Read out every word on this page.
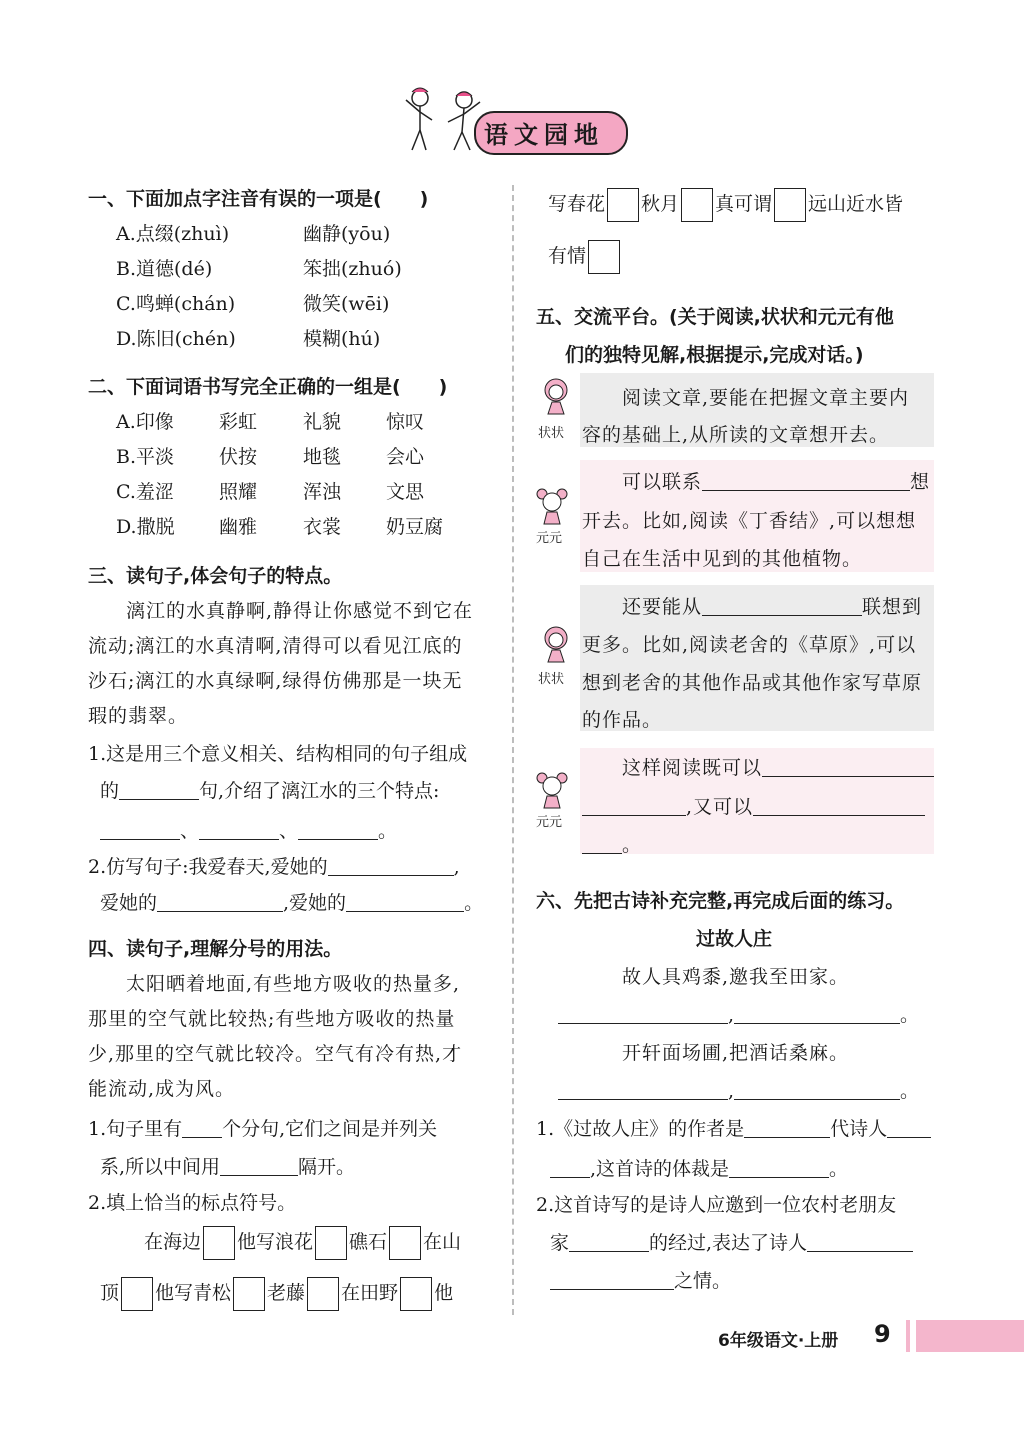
语文园地
一、下面加点字注音有误的一项是(　　)
A.点缀(zhuì)	幽静(yōu)
B.道德(dé)	笨拙(zhuó)
C.鸣蝉(chán)	微笑(wēi)
D.陈旧(chén)	模糊(hú)
二、下面词语书写完全正确的一组是(　　)
A.印像 彩虹 礼貌 惊叹
B.平淡 伏按 地毯 会心
C.羞涩 照耀 浑浊 文思
D.撒脱 幽雅 衣裳 奶豆腐
三、读句子,体会句子的特点。
漓江的水真静啊,静得让你感觉不到它在
流动;漓江的水真清啊,清得可以看见江底的
沙石;漓江的水真绿啊,绿得仿佛那是一块无
瑕的翡翠。
1.这是用三个意义相关、结构相同的句子组成
的	句,介绍了漓江水的三个特点:
、	、	。
2.仿写句子:我爱春天,爱她的	,
爱她的	,爱她的	。
四、读句子,理解分号的用法。
太阳晒着地面,有些地方吸收的热量多,
那里的空气就比较热;有些地方吸收的热量
少,那里的空气就比较冷。空气有冷有热,才
能流动,成为风。
1.句子里有 个分句,它们之间是并列关
系,所以中间用	隔开。
2.填上恰当的标点符号。
在海边 他写浪花 礁石 在山
顶 他写青松 老藤 在田野 他
写春花 秋月 真可谓 远山近水皆
有情
五、交流平台。(关于阅读,状状和元元有他
们的独特见解,根据提示,完成对话。)
状状
阅读文章,要能在把握文章主要内
容的基础上,从所读的文章想开去。
元元
可以联系	想
开去。比如,阅读《丁香结》,可以想想
自己在生活中见到的其他植物。
状状
还要能从	联想到
更多。比如,阅读老舍的《草原》,可以
想到老舍的其他作品或其他作家写草原
的作品。
元元
这样阅读既可以
,又可以
。
六、先把古诗补充完整,再完成后面的练习。
过故人庄
故人具鸡黍,邀我至田家。
,	。
开轩面场圃,把酒话桑麻。
,	。
1.《过故人庄》的作者是	代诗人
,这首诗的体裁是	。
2.这首诗写的是诗人应邀到一位农村老朋友
家	的经过,表达了诗人
之情。
6年级语文·上册 9
